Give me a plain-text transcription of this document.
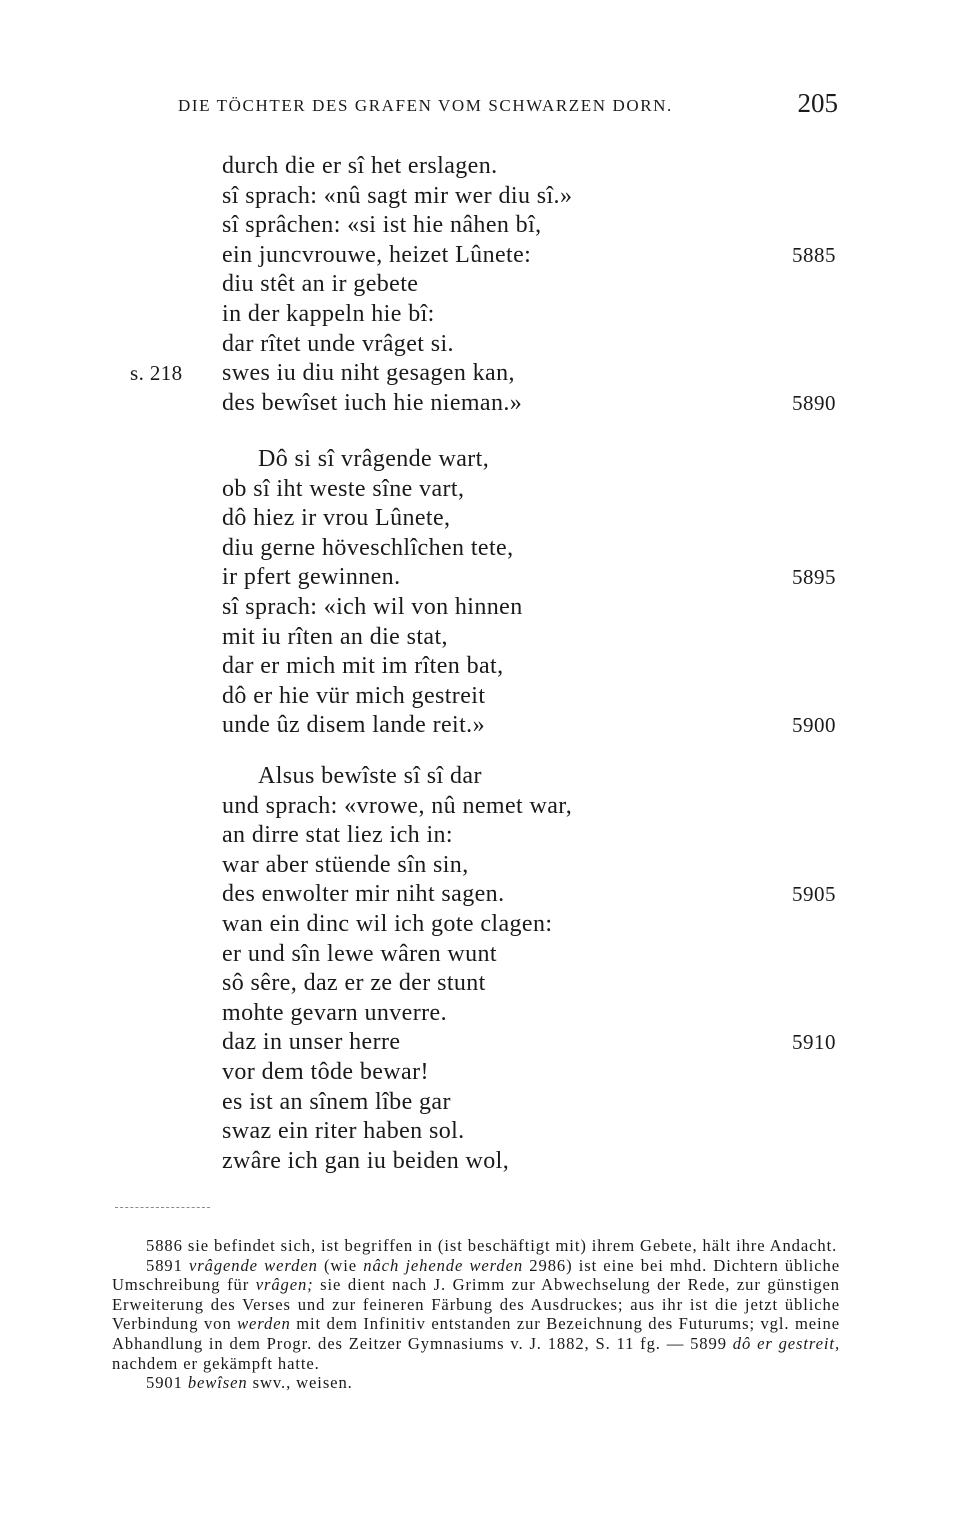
DIE TÖCHTER DES GRAFEN VOM SCHWARZEN DORN.	205
durch die er sî het erslagen.
sî sprach: «nû sagt mir wer diu sî.»
sî sprâchen: «si ist hie nâhen bî,
ein juncvrouwe, heizet Lûnete:	5885
diu stêt an ir gebete
in der kappeln hie bî:
dar rîtet unde vrâget si.
swes iu diu niht gesagen kan,
s. 218
des bewîset iuch hie nieman.»	5890
Dô si sî vrâgende wart,
ob sî iht weste sîne vart,
dô hiez ir vrou Lûnete,
diu gerne höveschlîchen tete,
ir pfert gewinnen.	5895
sî sprach: «ich wil von hinnen
mit iu rîten an die stat,
dar er mich mit im rîten bat,
dô er hie vür mich gestreit
unde ûz disem lande reit.»	5900
Alsus bewîste sî sî dar
und sprach: «vrowe, nû nemet war,
an dirre stat liez ich in:
war aber stüende sîn sin,
des enwolter mir niht sagen.	5905
wan ein dinc wil ich gote clagen:
er und sîn lewe wâren wunt
sô sêre, daz er ze der stunt
mohte gevarn unverre.
daz in unser herre	5910
vor dem tôde bewar!
es ist an sînem lîbe gar
swaz ein riter haben sol.
zwâre ich gan iu beiden wol,

5886 sie befindet sich, ist begriffen in (ist beschäftigt mit) ihrem Gebete, hält ihre Andacht.

5891 vrâgende werden (wie nâch jehende werden 2986) ist eine bei mhd. Dichtern übliche Umschreibung für vrâgen; sie dient nach J. Grimm zur Abwechselung der Rede, zur günstigen Erweiterung des Verses und zur feineren Färbung des Ausdruckes; aus ihr ist die jetzt übliche Verbindung von werden mit dem Infinitiv entstanden zur Bezeichnung des Futurums; vgl. meine Abhandlung in dem Progr. des Zeitzer Gymnasiums v. J. 1882, S. 11 fg. — 5899 dô er gestreit, nachdem er gekämpft hatte.

5901 bewîsen swv., weisen.
